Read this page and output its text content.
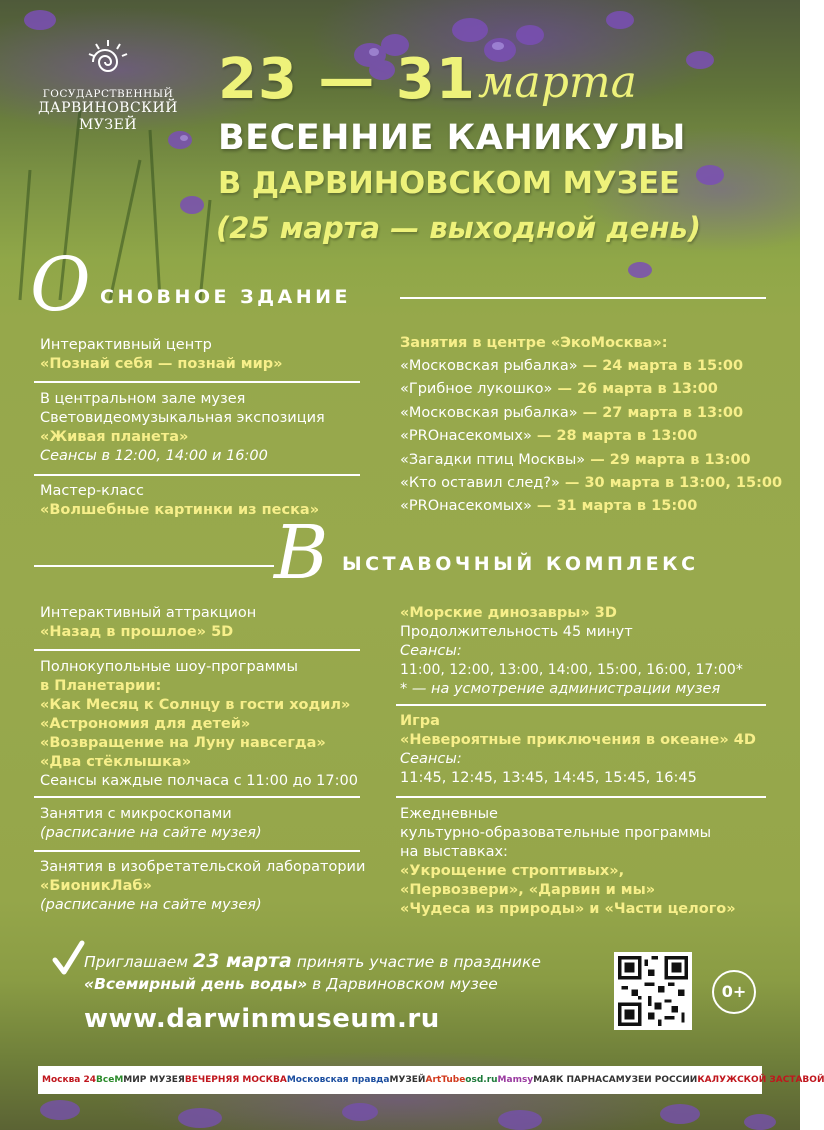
ГОСУДАРСТВЕННЫЙ
ДАРВИНОВСКИЙ
МУЗЕЙ
23 — 31 марта
ВЕСЕННИЕ КАНИКУЛЫ
В ДАРВИНОВСКОМ МУЗЕЕ
(25 марта — выходной день)
О СНОВНОЕ ЗДАНИЕ
Интерактивный центр
«Познай себя — познай мир»
В центральном зале музея
Световидеомузыкальная экспозиция
«Живая планета»
Сеансы в 12:00, 14:00 и 16:00
Мастер-класс
«Волшебные картинки из песка»
Занятия в центре «ЭкоМосква»:
«Московская рыбалка» — 24 марта в 15:00
«Грибное лукошко» — 26 марта в 13:00
«Московская рыбалка» — 27 марта в 13:00
«PROнасекомых» — 28 марта в 13:00
«Загадки птиц Москвы» — 29 марта в 13:00
«Кто оставил след?» — 30 марта в 13:00, 15:00
«PROнасекомых» — 31 марта в 15:00
В ЫСТАВОЧНЫЙ КОМПЛЕКС
Интерактивный аттракцион
«Назад в прошлое» 5D
Полнокупольные шоу-программы
в Планетарии:
«Как Месяц к Солнцу в гости ходил»
«Астрономия для детей»
«Возвращение на Луну навсегда»
«Два стёклышка»
Сеансы каждые полчаса с 11:00 до 17:00
Занятия с микроскопами
(расписание на сайте музея)
Занятия в изобретательской лаборатории
«БионикЛаб»
(расписание на сайте музея)
«Морские динозавры» 3D
Продолжительность 45 минут
Сеансы:
11:00, 12:00, 13:00, 14:00, 15:00, 16:00, 17:00*
* — на усмотрение администрации музея
Игра
«Невероятные приключения в океане» 4D
Сеансы:
11:45, 12:45, 13:45, 14:45, 15:45, 16:45
Ежедневные
культурно-образовательные программы
на выставках:
«Укрощение строптивых»,
«Первозвери», «Дарвин и мы»
«Чудеса из природы» и «Части целого»
Приглашаем 23 марта принять участие в празднике
«Всемирный день воды» в Дарвиновском музее
www.darwinmuseum.ru
0+
Москва 24 ВсеМ МИР МУЗЕЯ ВЕЧЕРНЯЯ МОСКВА Московская правда МУЗЕЙ ArtTube osd.ru Mamsy МАЯК ПАРНАСА МУЗЕИ РОССИИ КАЛУЖСКОЙ ЗАСТАВОЙ
